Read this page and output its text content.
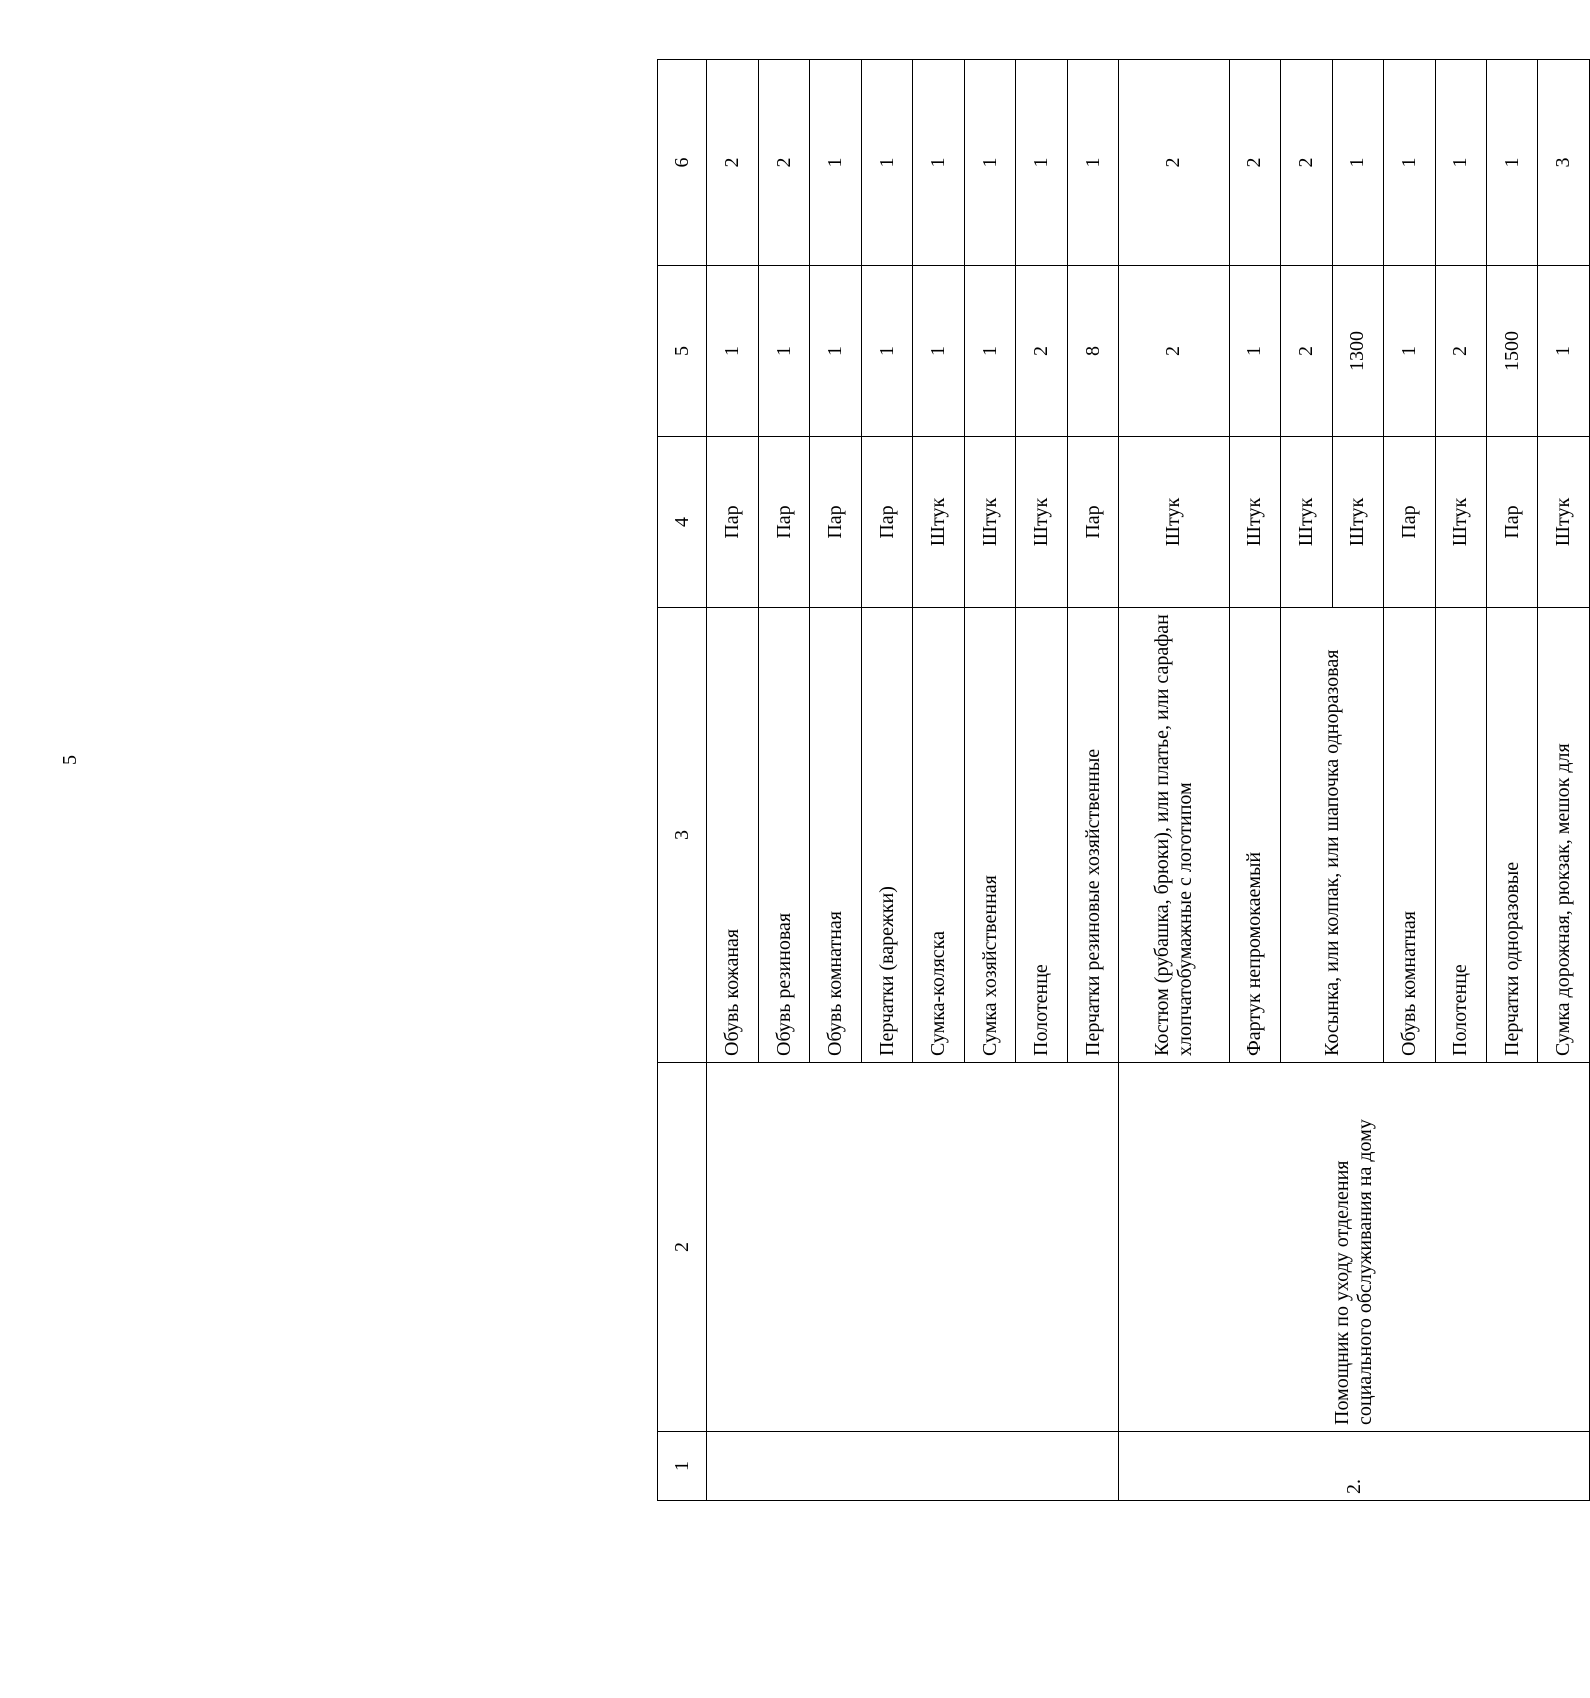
5
1	2	3	4	5	6
		Обувь кожаная	Пар	1	2
		Обувь резиновая	Пар	1	2
		Обувь комнатная	Пар	1	1
		Перчатки (варежки)	Пар	1	1
		Сумка-коляска	Штук	1	1
		Сумка хозяйственная	Штук	1	1
		Полотенце	Штук	2	1
		Перчатки резиновые хозяйственные	Пар	8	1
2.	Помощник по уходу отделения социального обслуживания на дому	Костюм (рубашка, брюки), или платье, или сарафан хлопчатобумажные с логотипом	Штук	2	2
		Фартук непромокаемый	Штук	1	2
		Косынка, или колпак, или шапочка одноразовая	Штук	2	2
			Штук	1300	1
		Обувь комнатная	Пар	1	1
		Полотенце	Штук	2	1
		Перчатки одноразовые	Пар	1500	1
		Сумка дорожная, рюкзак, мешок для	Штук	1	3
